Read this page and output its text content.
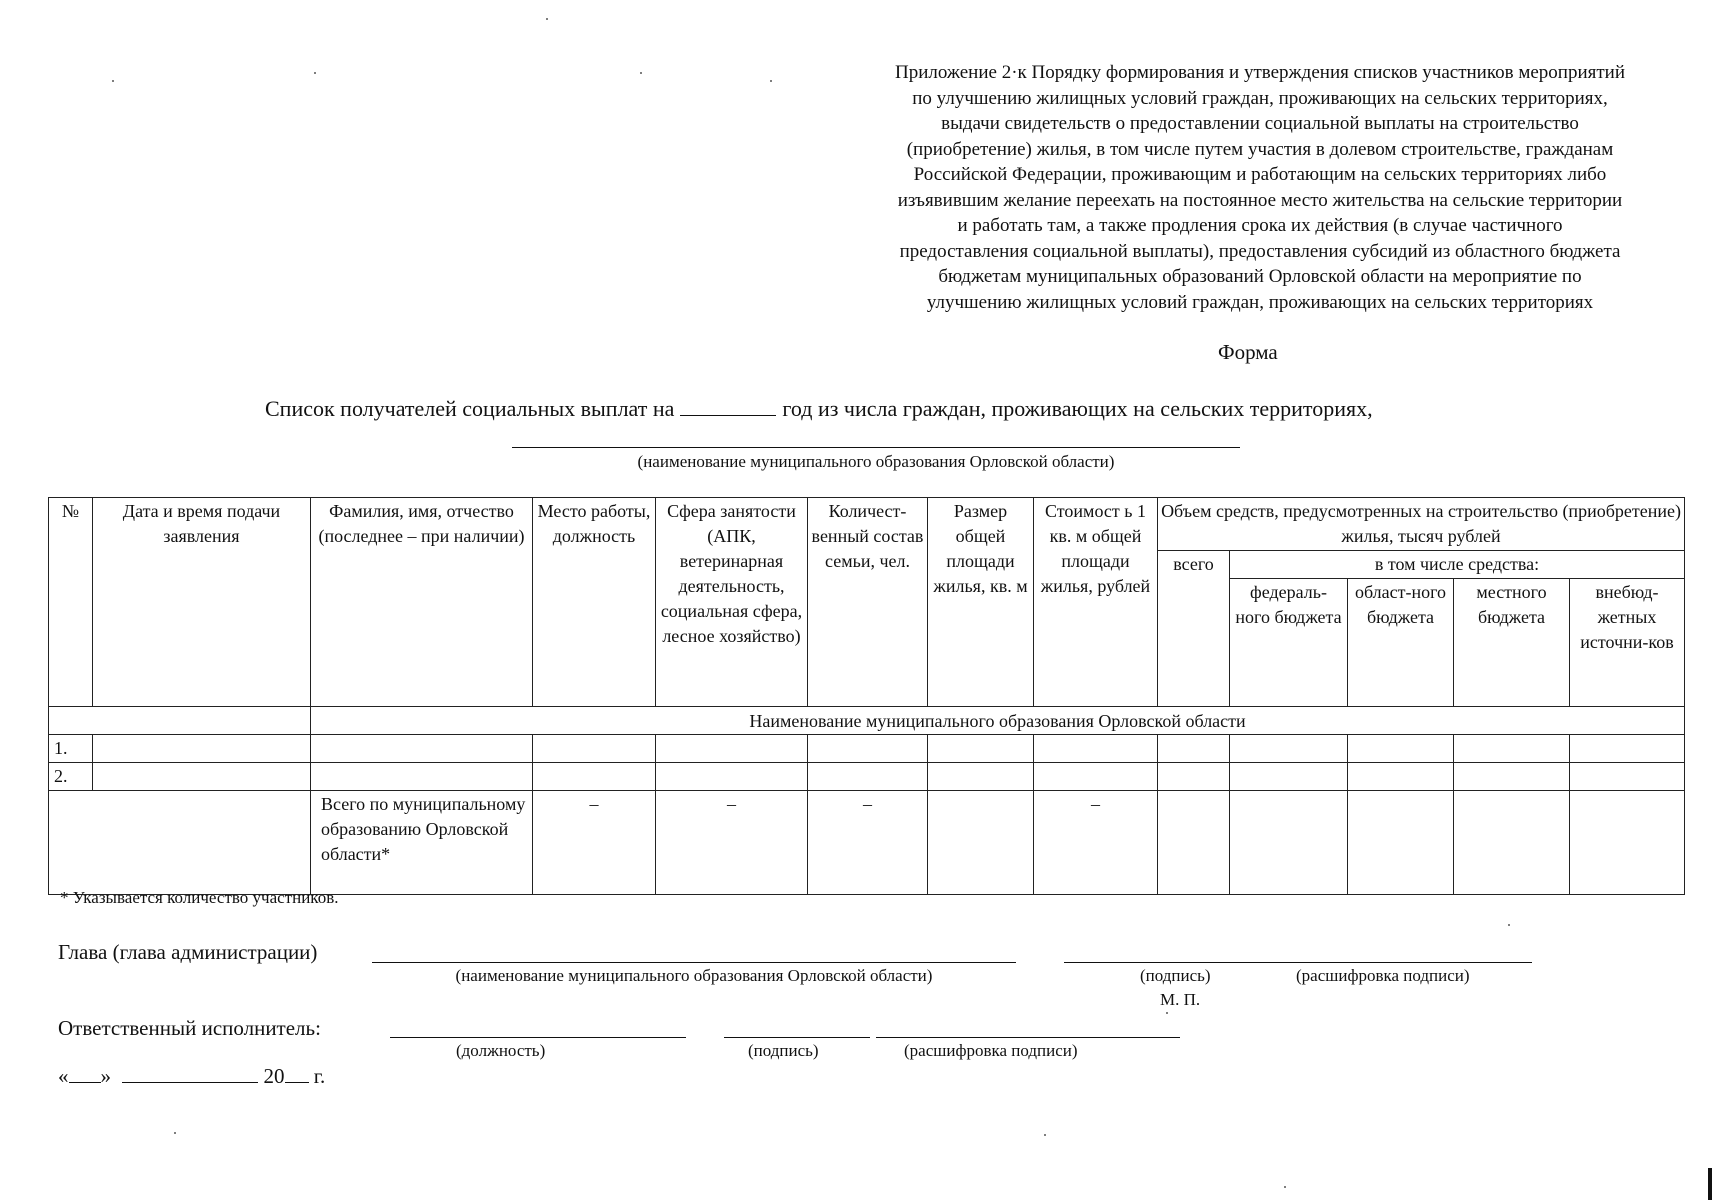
Приложение 2·к Порядку формирования и утверждения списков участников мероприятий
по улучшению жилищных условий граждан, проживающих на сельских территориях,
выдачи свидетельств о предоставлении социальной выплаты на строительство
(приобретение) жилья, в том числе путем участия в долевом строительстве, гражданам
Российской Федерации, проживающим и работающим на сельских территориях либо
изъявившим желание переехать на постоянное место жительства на сельские территории
и работать там, а также продления срока их действия (в случае частичного
предоставления социальной выплаты), предоставления субсидий из областного бюджета
бюджетам муниципальных образований Орловской области на мероприятие по
улучшению жилищных условий граждан, проживающих на сельских территориях
Форма
Список получателей социальных выплат на	год из числа граждан, проживающих на сельских территориях,
(наименование муниципального образования Орловской области)
№	Дата и время подачи заявления	Фамилия, имя, отчество (последнее – при наличии)	Место работы, должность	Сфера занятости (АПК, ветеринарная деятельность, социальная сфера, лесное хозяйство)	Количест-венный состав семьи, чел.	Размер общей площади жилья, кв. м	Стоимост ь 1 кв. м общей площади жилья, рублей	Объем средств, предусмотренных на строительство (приобретение) жилья, тысяч рублей				
								всего	в том числе средства:			
									федераль-ного бюджета	област-ного бюджета	местного бюджета	внебюд-жетных источни-ков
		Наименование муниципального образования Орловской области										
1.												
2.												
		Всего по муниципальному образованию Орловской области*	–	–	–		–					
* Указывается количество участников.
Глава (глава администрации)
(наименование муниципального образования Орловской области)	(подпись)	(расшифровка подписи)
М. П.
Ответственный исполнитель:
(должность)	(подпись)	(расшифровка подписи)
« »	20 г.
